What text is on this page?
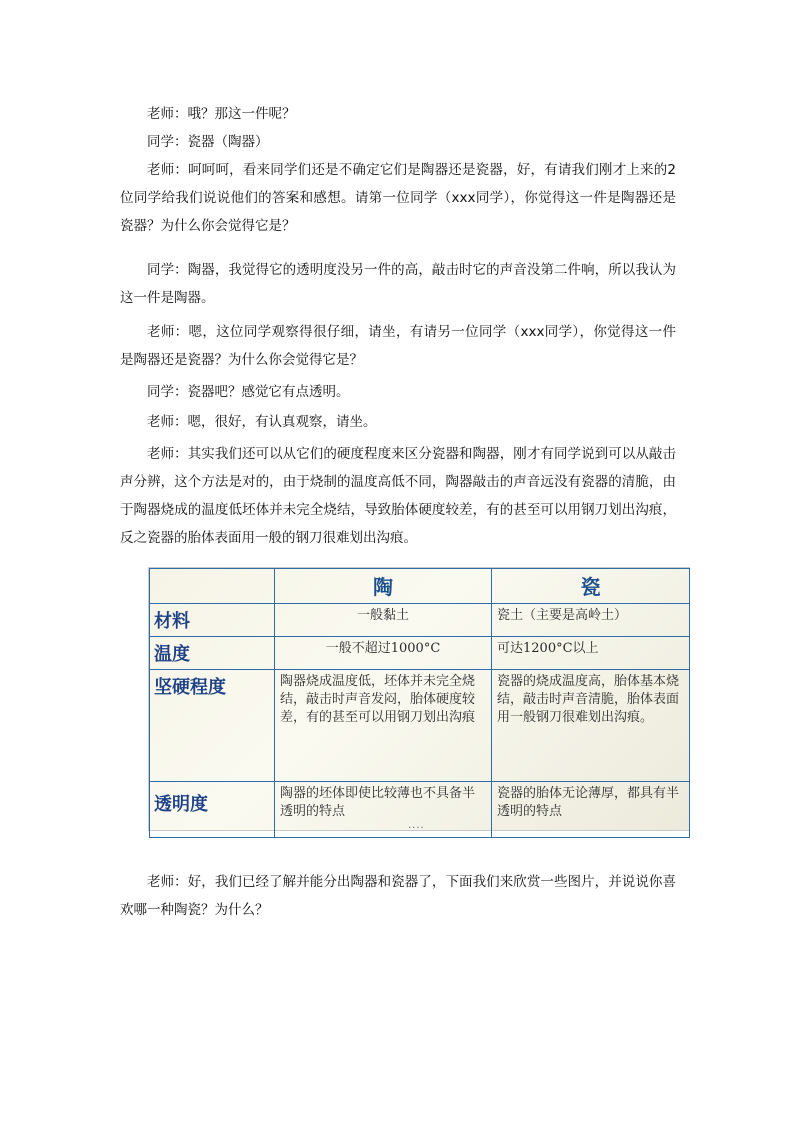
老师：哦？那这一件呢？

同学：瓷器（陶器）

老师：呵呵呵，看来同学们还是不确定它们是陶器还是瓷器，好，有请我们刚才上来的2位同学给我们说说他们的答案和感想。请第一位同学（xxx同学），你觉得这一件是陶器还是瓷器？为什么你会觉得它是？

同学：陶器，我觉得它的透明度没另一件的高，敲击时它的声音没第二件响，所以我认为这一件是陶器。

老师：嗯，这位同学观察得很仔细，请坐，有请另一位同学（xxx同学），你觉得这一件是陶器还是瓷器？为什么你会觉得它是？

同学：瓷器吧？感觉它有点透明。

老师：嗯，很好，有认真观察，请坐。

老师：其实我们还可以从它们的硬度程度来区分瓷器和陶器，刚才有同学说到可以从敲击声分辨，这个方法是对的，由于烧制的温度高低不同，陶器敲击的声音远没有瓷器的清脆，由于陶器烧成的温度低坯体并未完全烧结，导致胎体硬度较差，有的甚至可以用钢刀划出沟痕，反之瓷器的胎体表面用一般的钢刀很难划出沟痕。

	陶	瓷
材料	一般黏土	瓷土（主要是高岭土）
温度	一般不超过1000°C	可达1200°C以上
坚硬程度	陶器烧成温度低，坯体并未完全烧结，敲击时声音发闷，胎体硬度较差，有的甚至可以用钢刀划出沟痕	瓷器的烧成温度高，胎体基本烧结，敲击时声音清脆，胎体表面用一般钢刀很难划出沟痕。
透明度	陶器的坯体即使比较薄也不具备半透明的特点	瓷器的胎体无论薄厚，都具有半透明的特点
····

老师：好，我们已经了解并能分出陶器和瓷器了，下面我们来欣赏一些图片，并说说你喜欢哪一种陶瓷？为什么？
